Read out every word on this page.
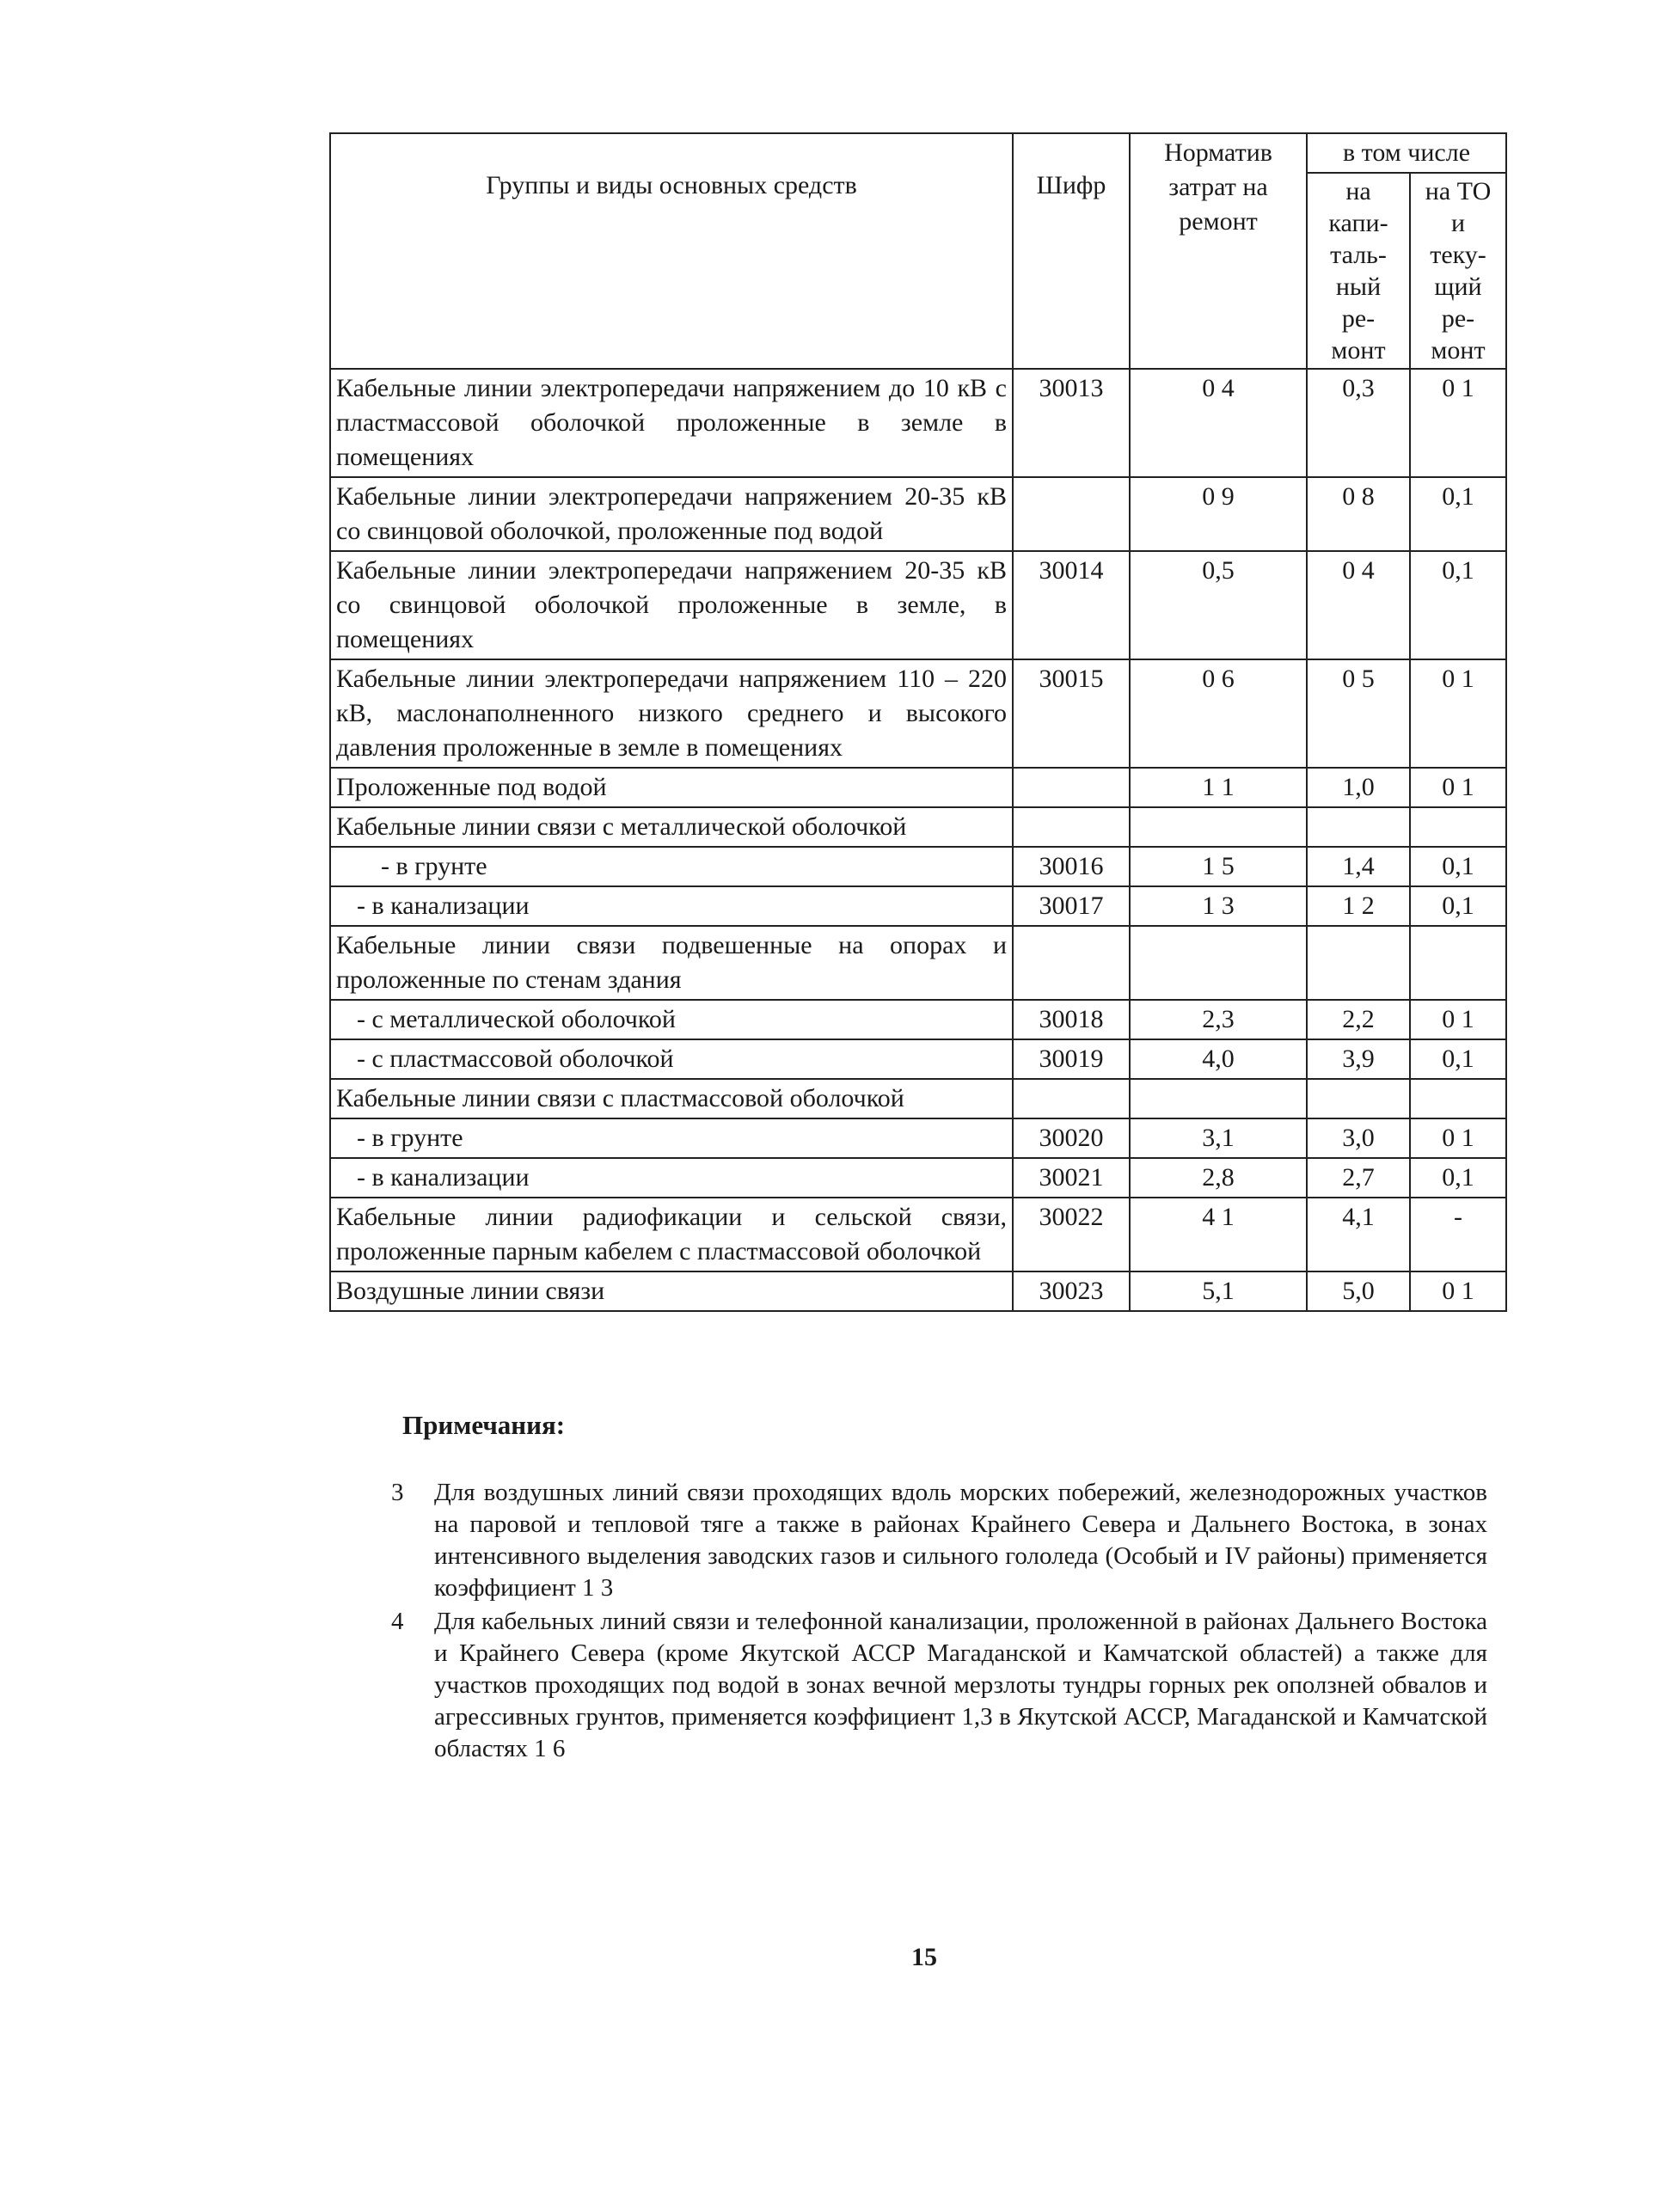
Группы и виды основных средств	Шифр	Норматив затрат на ремонт	в том числе	
			на капи-таль-ный ре-монт	на ТО и теку-щий ре-монт
Кабельные линии электропередачи напряжением до 10 кВ с пластмассовой оболочкой проложенные в земле в помещениях	30013	0 4	0,3	0 1
Кабельные линии электропередачи напряжением 20-35 кВ со свинцовой оболочкой, проложенные под водой		0 9	0 8	0,1
Кабельные линии электропередачи напряжением 20-35 кВ со свинцовой оболочкой проложенные в земле, в помещениях	30014	0,5	0 4	0,1
Кабельные линии электропередачи напряжением 110 – 220 кВ, маслонаполненного низкого среднего и высокого давления проложенные в земле в помещениях	30015	0 6	0 5	0 1
Проложенные под водой		1 1	1,0	0 1
Кабельные линии связи с металлической оболочкой				
- в грунте	30016	1 5	1,4	0,1
- в канализации	30017	1 3	1 2	0,1
Кабельные линии связи подвешенные на опорах и проложенные по стенам здания				
- с металлической оболочкой	30018	2,3	2,2	0 1
- с пластмассовой оболочкой	30019	4,0	3,9	0,1
Кабельные линии связи с пластмассовой оболочкой				
- в грунте	30020	3,1	3,0	0 1
- в канализации	30021	2,8	2,7	0,1
Кабельные линии радиофикации и сельской связи, проложенные парным кабелем с пластмассовой оболочкой	30022	4 1	4,1	-
Воздушные линии связи	30023	5,1	5,0	0 1
Примечания:
3	Для воздушных линий связи проходящих вдоль морских побережий, железнодорожных участков на паровой и тепловой тяге а также в районах Крайнего Севера и Дальнего Востока, в зонах интенсивного выделения заводских газов и сильного гололеда (Особый и IV районы) применяется коэффициент 1 3
4	Для кабельных линий связи и телефонной канализации, проложенной в районах Дальнего Востока и Крайнего Севера (кроме Якутской АССР Магаданской и Камчатской областей) а также для участков проходящих под водой в зонах вечной мерзлоты тундры горных рек оползней обвалов и агрессивных грунтов, применяется коэффициент 1,3 в Якутской АССР, Магаданской и Камчатской областях 1 6
15
